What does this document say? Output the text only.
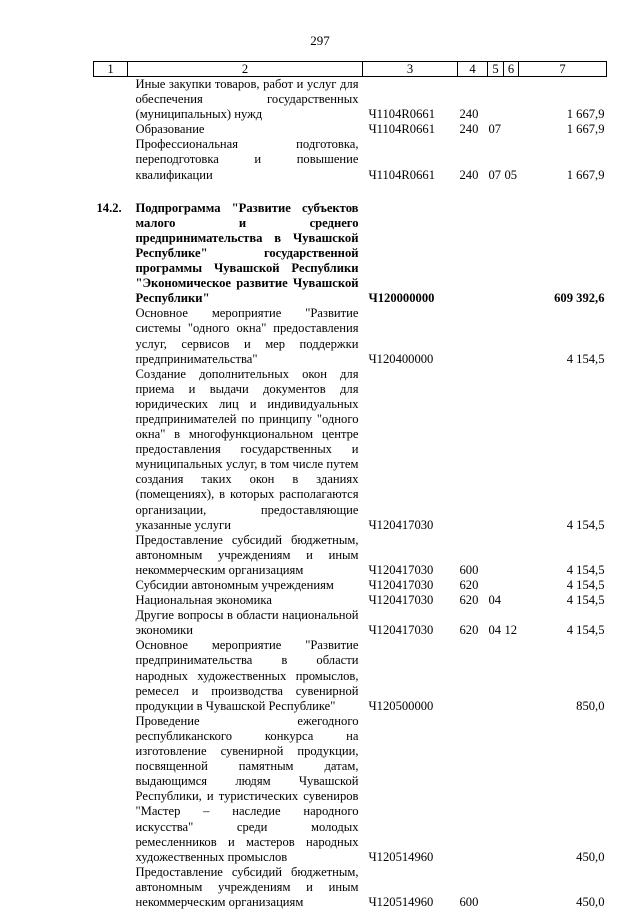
297
1	2	3	4	5	6	7
	Иные закупки товаров, работ и услуг для обеспечения государственных (муниципальных) нужд	Ч1104R0661	240			1 667,9
	Образование	Ч1104R0661	240	07		1 667,9
	Профессиональная подготовка, переподготовка и повышение квалификации	Ч1104R0661	240	07	05	1 667,9

14.2.	Подпрограмма "Развитие субъектов малого и среднего предпринимательства в Чувашской Республике" государственной программы Чувашской Республики "Экономическое развитие Чувашской Республики"	Ч120000000				609 392,6
	Основное мероприятие "Развитие системы "одного окна" предоставления услуг, сервисов и мер поддержки предпринимательства"	Ч120400000				4 154,5
	Создание дополнительных окон для приема и выдачи документов для юридических лиц и индивидуальных предпринимателей по принципу "одного окна" в многофункциональном центре предоставления государственных и муниципальных услуг, в том числе путем создания таких окон в зданиях (помещениях), в которых располагаются организации, предоставляющие указанные услуги	Ч120417030				4 154,5
	Предоставление субсидий бюджетным, автономным учреждениям и иным некоммерческим организациям	Ч120417030	600			4 154,5
	Субсидии автономным учреждениям	Ч120417030	620			4 154,5
	Национальная экономика	Ч120417030	620	04		4 154,5
	Другие вопросы в области национальной экономики	Ч120417030	620	04	12	4 154,5
	Основное мероприятие "Развитие предпринимательства в области народных художественных промыслов, ремесел и производства сувенирной продукции в Чувашской Республике"	Ч120500000				850,0
	Проведение ежегодного республиканского конкурса на изготовление сувенирной продукции, посвященной памятным датам, выдающимся людям Чувашской Республики, и туристических сувениров "Мастер – наследие народного искусства" среди молодых ремесленников и мастеров народных художественных промыслов	Ч120514960				450,0
	Предоставление субсидий бюджетным, автономным учреждениям и иным некоммерческим организациям	Ч120514960	600			450,0
